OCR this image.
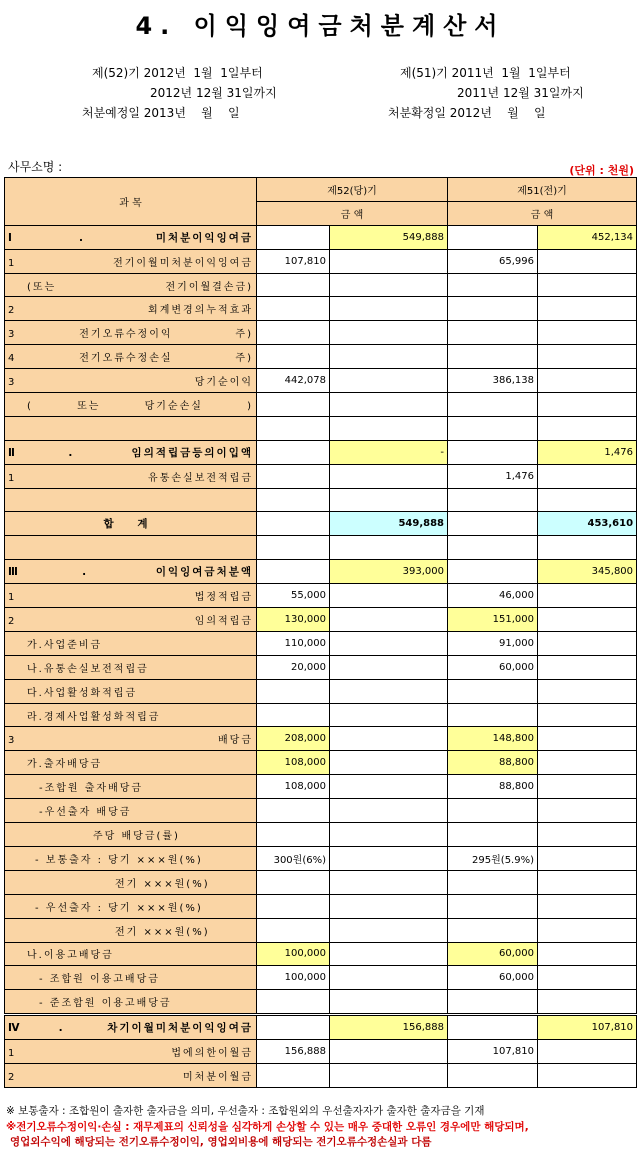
4. 이익잉여금처분계산서
제(52)기 2012년  1월  1일부터
2012년 12월 31일까지
처분예정일 2013년    월    일
제(51)기 2011년  1월  1일부터
2011년 12월 31일까지
처분확정일 2012년    월    일
사무소명 :	(단위 : 천원)
과 목	제52(당)기		제51(전)기	
	금 액		금 액	
Ⅰ. 미처분이익잉여금		549,888		452,134
1 전기이월미처분이익잉여금	107,810		65,996	
(또는 전기이월결손금)				
2 회계변경의누적효과				
3 전기오류수정이익 주)				
4 전기오류수정손실 주)				
3 당기순이익	442,078		386,138	
( 또는 당기순손실 )				

Ⅱ. 임의적립금등의이입액		-		1,476
1 유통손실보전적립금			1,476	

합 계		549,888		453,610

Ⅲ. 이익잉여금처분액		393,000		345,800
1 법정적립금	55,000		46,000	
2 임의적립금	130,000		151,000	
가.사업준비금	110,000		91,000	
나.유통손실보전적립금	20,000		60,000	
다.사업활성화적립금				
라.경제사업활성화적립금				
3 배당금	208,000		148,800	
가.출자배당금	108,000		88,800	
-조합원 출자배당금	108,000		88,800	
-우선출자 배당금				
주당 배당금(률)				
- 보통출자 : 당기 ×××원(%)	300원(6%)		295원(5.9%)	
전기 ×××원(%)				
- 우선출자 : 당기 ×××원(%)				
전기 ×××원(%)				
나.이용고배당금	100,000		60,000	
- 조합원 이용고배당금	100,000		60,000	
- 준조합원 이용고배당금				
Ⅳ. 차기이월미처분이익잉여금		156,888		107,810
1 법에의한이월금	156,888		107,810	
2 미처분이월금				
※ 보통출자 : 조합원이 출자한 출자금을 의미, 우선출자 : 조합원외의 우선출자자가 출자한 출자금을 기재
※전기오류수정이익·손실 : 재무제표의 신뢰성을 심각하게 손상할 수 있는 매우 중대한 오류인 경우에만 해당되며,
영업외수익에 해당되는 전기오류수정이익, 영업외비용에 해당되는 전기오류수정손실과 다름
